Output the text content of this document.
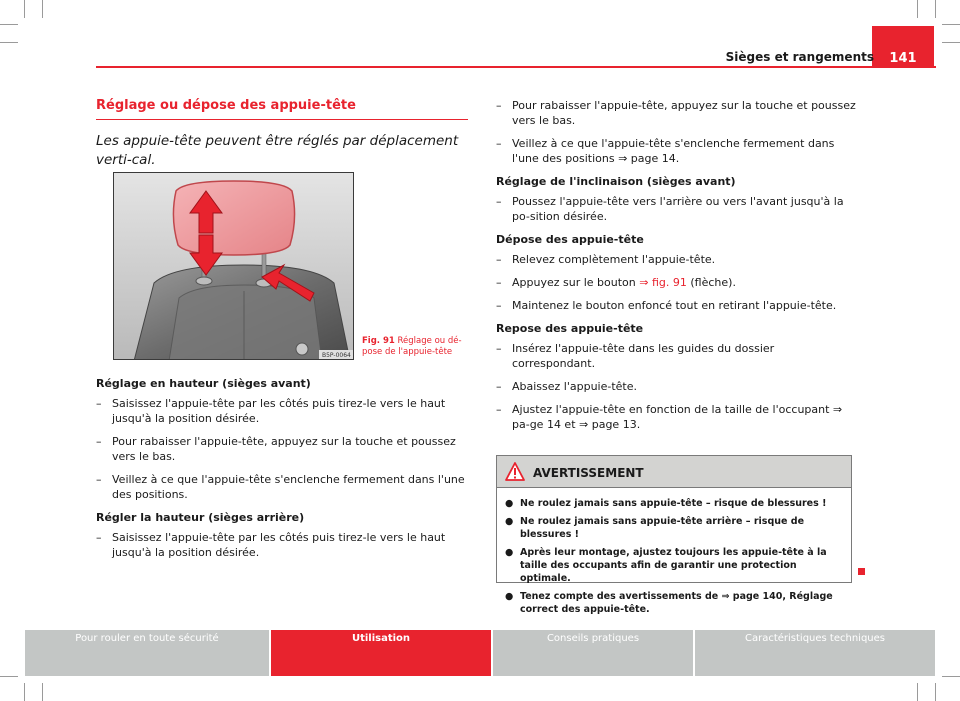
141
Sièges et rangements
Réglage ou dépose des appuie-tête
Les appuie-tête peuvent être réglés par déplacement verti-cal.
B5P-0064
Fig. 91 Réglage ou dé-pose de l'appuie-tête
Réglage en hauteur (sièges avant)
– Saisissez l'appuie-tête par les côtés puis tirez-le vers le haut jusqu'à la position désirée.
– Pour rabaisser l'appuie-tête, appuyez sur la touche et poussez vers le bas.
– Veillez à ce que l'appuie-tête s'enclenche fermement dans l'une des positions.
Régler la hauteur (sièges arrière)
– Saisissez l'appuie-tête par les côtés puis tirez-le vers le haut jusqu'à la position désirée.
– Pour rabaisser l'appuie-tête, appuyez sur la touche et poussez vers le bas.
– Veillez à ce que l'appuie-tête s'enclenche fermement dans l'une des positions ⇒ page 14.
Réglage de l'inclinaison (sièges avant)
– Poussez l'appuie-tête vers l'arrière ou vers l'avant jusqu'à la po-sition désirée.
Dépose des appuie-tête
– Relevez complètement l'appuie-tête.
– Appuyez sur le bouton ⇒ fig. 91 (flèche).
– Maintenez le bouton enfoncé tout en retirant l'appuie-tête.
Repose des appuie-tête
– Insérez l'appuie-tête dans les guides du dossier correspondant.
– Abaissez l'appuie-tête.
– Ajustez l'appuie-tête en fonction de la taille de l'occupant ⇒ pa-ge 14 et ⇒ page 13.
AVERTISSEMENT
● Ne roulez jamais sans appuie-tête – risque de blessures !
● Ne roulez jamais sans appuie-tête arrière – risque de blessures !
● Après leur montage, ajustez toujours les appuie-tête à la taille des occupants afin de garantir une protection optimale.
● Tenez compte des avertissements de ⇒ page 140, Réglage correct des appuie-tête.
Pour rouler en toute sécurité	Utilisation	Conseils pratiques	Caractéristiques techniques
